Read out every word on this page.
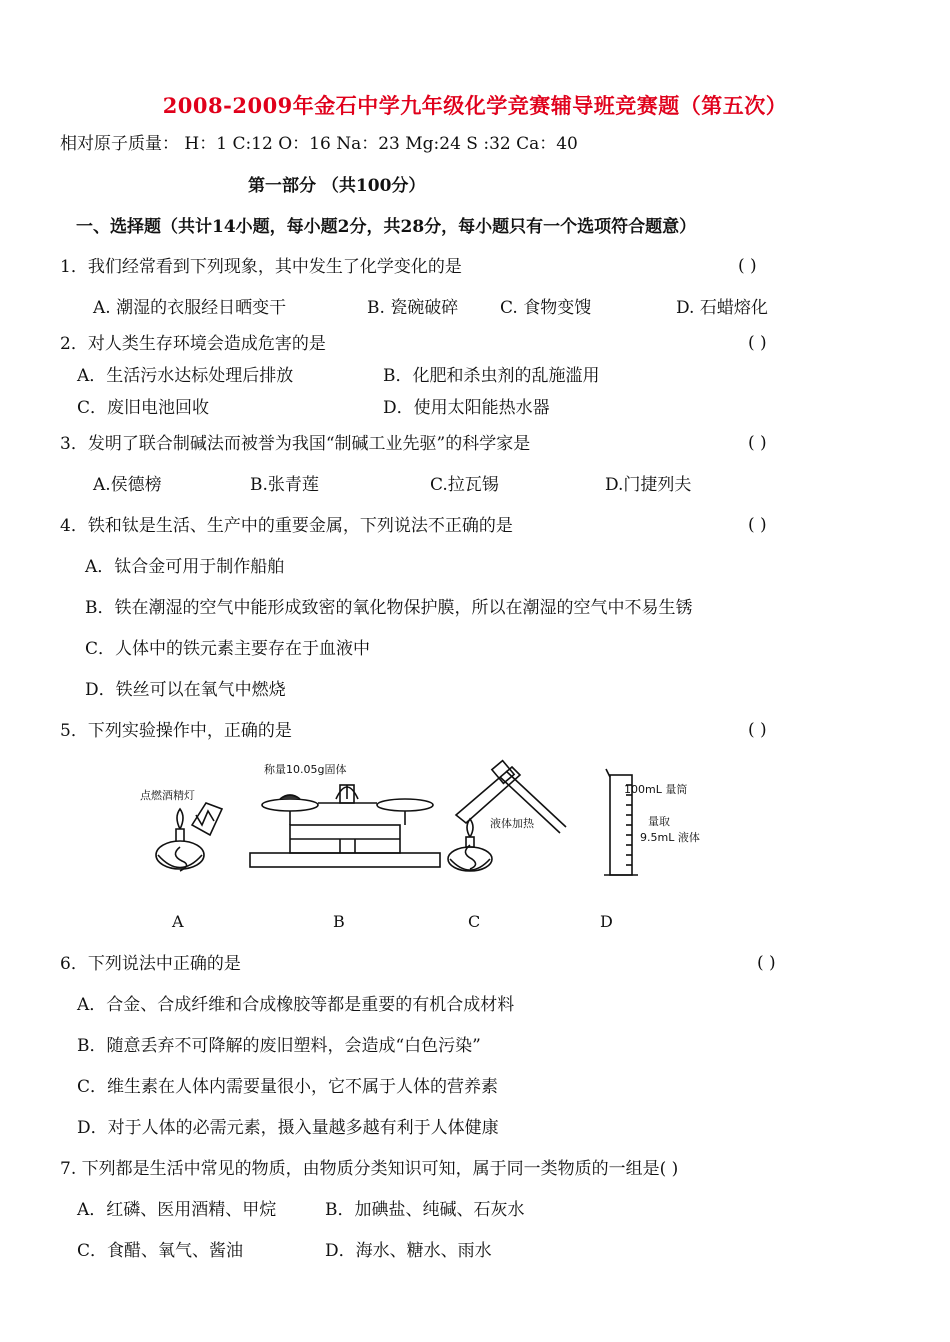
2008-2009年金石中学九年级化学竞赛辅导班竞赛题（第五次）
相对原子质量： H：1 C:12 O：16 Na：23 Mg:24 S :32 Ca：40
第一部分 （共100分）
一、选择题（共计14小题，每小题2分，共28分，每小题只有一个选项符合题意）
1．我们经常看到下列现象，其中发生了化学变化的是	( )
A. 潮湿的衣服经日晒变干	B. 瓷碗破碎 C. 食物变馊	D. 石蜡熔化
2．对人类生存环境会造成危害的是	( )
A．生活污水达标处理后排放	B．化肥和杀虫剂的乱施滥用
C．废旧电池回收	D．使用太阳能热水器
3．发明了联合制碱法而被誉为我国“制碱工业先驱”的科学家是	( )
A.侯德榜	B.张青莲	C.拉瓦锡	D.门捷列夫
4．铁和钛是生活、生产中的重要金属，下列说法不正确的是	( )
A．钛合金可用于制作船舶
B．铁在潮湿的空气中能形成致密的氧化物保护膜，所以在潮湿的空气中不易生锈
C．人体中的铁元素主要存在于血液中
D．铁丝可以在氧气中燃烧
5．下列实验操作中，正确的是	( )
点燃酒精灯
称量10.05g固体
液体加热
100mL 量筒
量取
9.5mL 液体
A	B	C	D
6．下列说法中正确的是	( )
A．合金、合成纤维和合成橡胶等都是重要的有机合成材料
B．随意丢弃不可降解的废旧塑料，会造成“白色污染”
C．维生素在人体内需要量很小，它不属于人体的营养素
D．对于人体的必需元素，摄入量越多越有利于人体健康
7. 下列都是生活中常见的物质，由物质分类知识可知，属于同一类物质的一组是( )
A．红磷、医用酒精、甲烷	B．加碘盐、纯碱、石灰水
C．食醋、氧气、酱油	D．海水、糖水、雨水
